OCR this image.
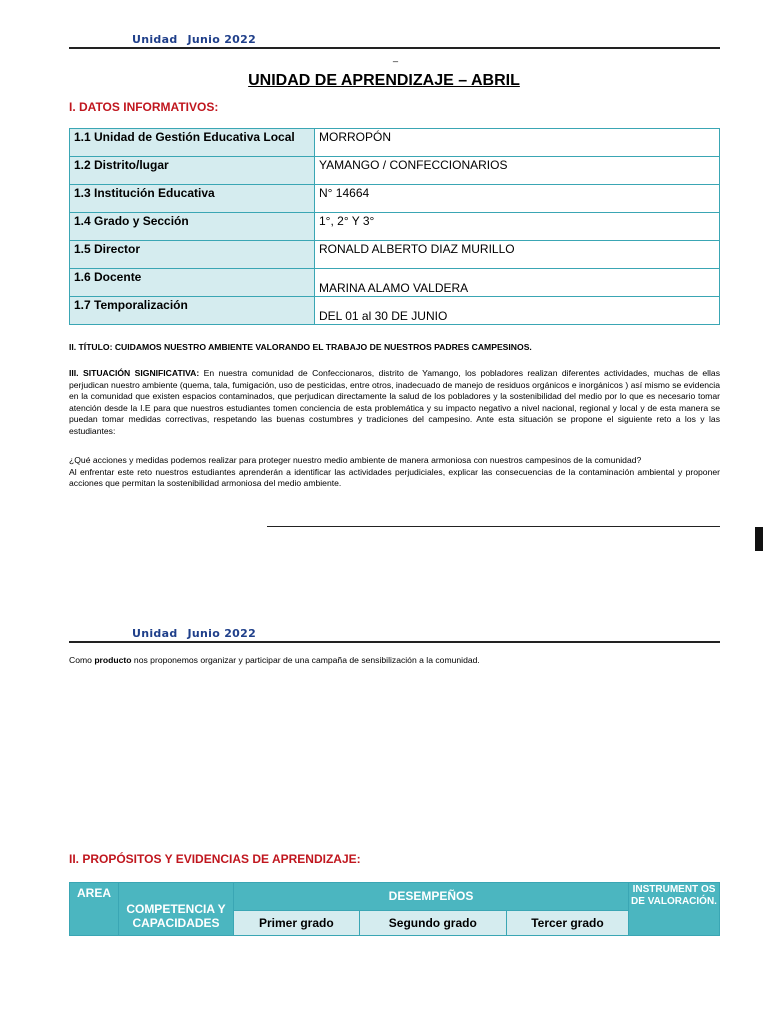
Unidad Junio 2022
_
UNIDAD DE APRENDIZAJE – ABRIL
I. DATOS INFORMATIVOS:
1.1 Unidad de Gestión Educativa Local	MORROPÓN
1.2 Distrito/lugar	YAMANGO / CONFECCIONARIOS
1.3 Institución Educativa	N° 14664
1.4 Grado y Sección	1°, 2° Y 3°
1.5 Director	RONALD ALBERTO DIAZ MURILLO
1.6 Docente	MARINA ALAMO VALDERA
1.7 Temporalización	DEL 01 al 30 DE JUNIO
II. TÍTULO: CUIDAMOS NUESTRO AMBIENTE VALORANDO EL TRABAJO DE NUESTROS PADRES CAMPESINOS.
III. SITUACIÓN SIGNIFICATIVA: En nuestra comunidad de Confeccionaros, distrito de Yamango, los pobladores realizan diferentes actividades, muchas de ellas perjudican nuestro ambiente (quema, tala, fumigación, uso de pesticidas, entre otros, inadecuado de manejo de residuos orgánicos e inorgánicos ) así mismo se evidencia en la comunidad que existen espacios contaminados, que perjudican directamente la salud de los pobladores y la sostenibilidad del medio por lo que es necesario tomar atención desde la I.E para que nuestros estudiantes tomen conciencia de esta problemática y su impacto negativo a nivel nacional, regional y local y de esta manera se puedan tomar medidas correctivas, respetando las buenas costumbres y tradiciones del campesino. Ante esta situación se propone el siguiente reto a los y las estudiantes:
¿Qué acciones y medidas podemos realizar para proteger nuestro medio ambiente de manera armoniosa con nuestros campesinos de la comunidad?
Al enfrentar este reto nuestros estudiantes aprenderán a identificar las actividades perjudiciales, explicar las consecuencias de la contaminación ambiental y proponer acciones que permitan la sostenibilidad armoniosa del medio ambiente.
Unidad Junio 2022
Como producto nos proponemos organizar y participar de una campaña de sensibilización a la comunidad.
II. PROPÓSITOS Y EVIDENCIAS DE APRENDIZAJE:
AREA	COMPETENCIA Y CAPACIDADES	DESEMPEÑOS			INSTRUMENT OS DE VALORACIÓN.
		Primer grado	Segundo grado	Tercer grado	
